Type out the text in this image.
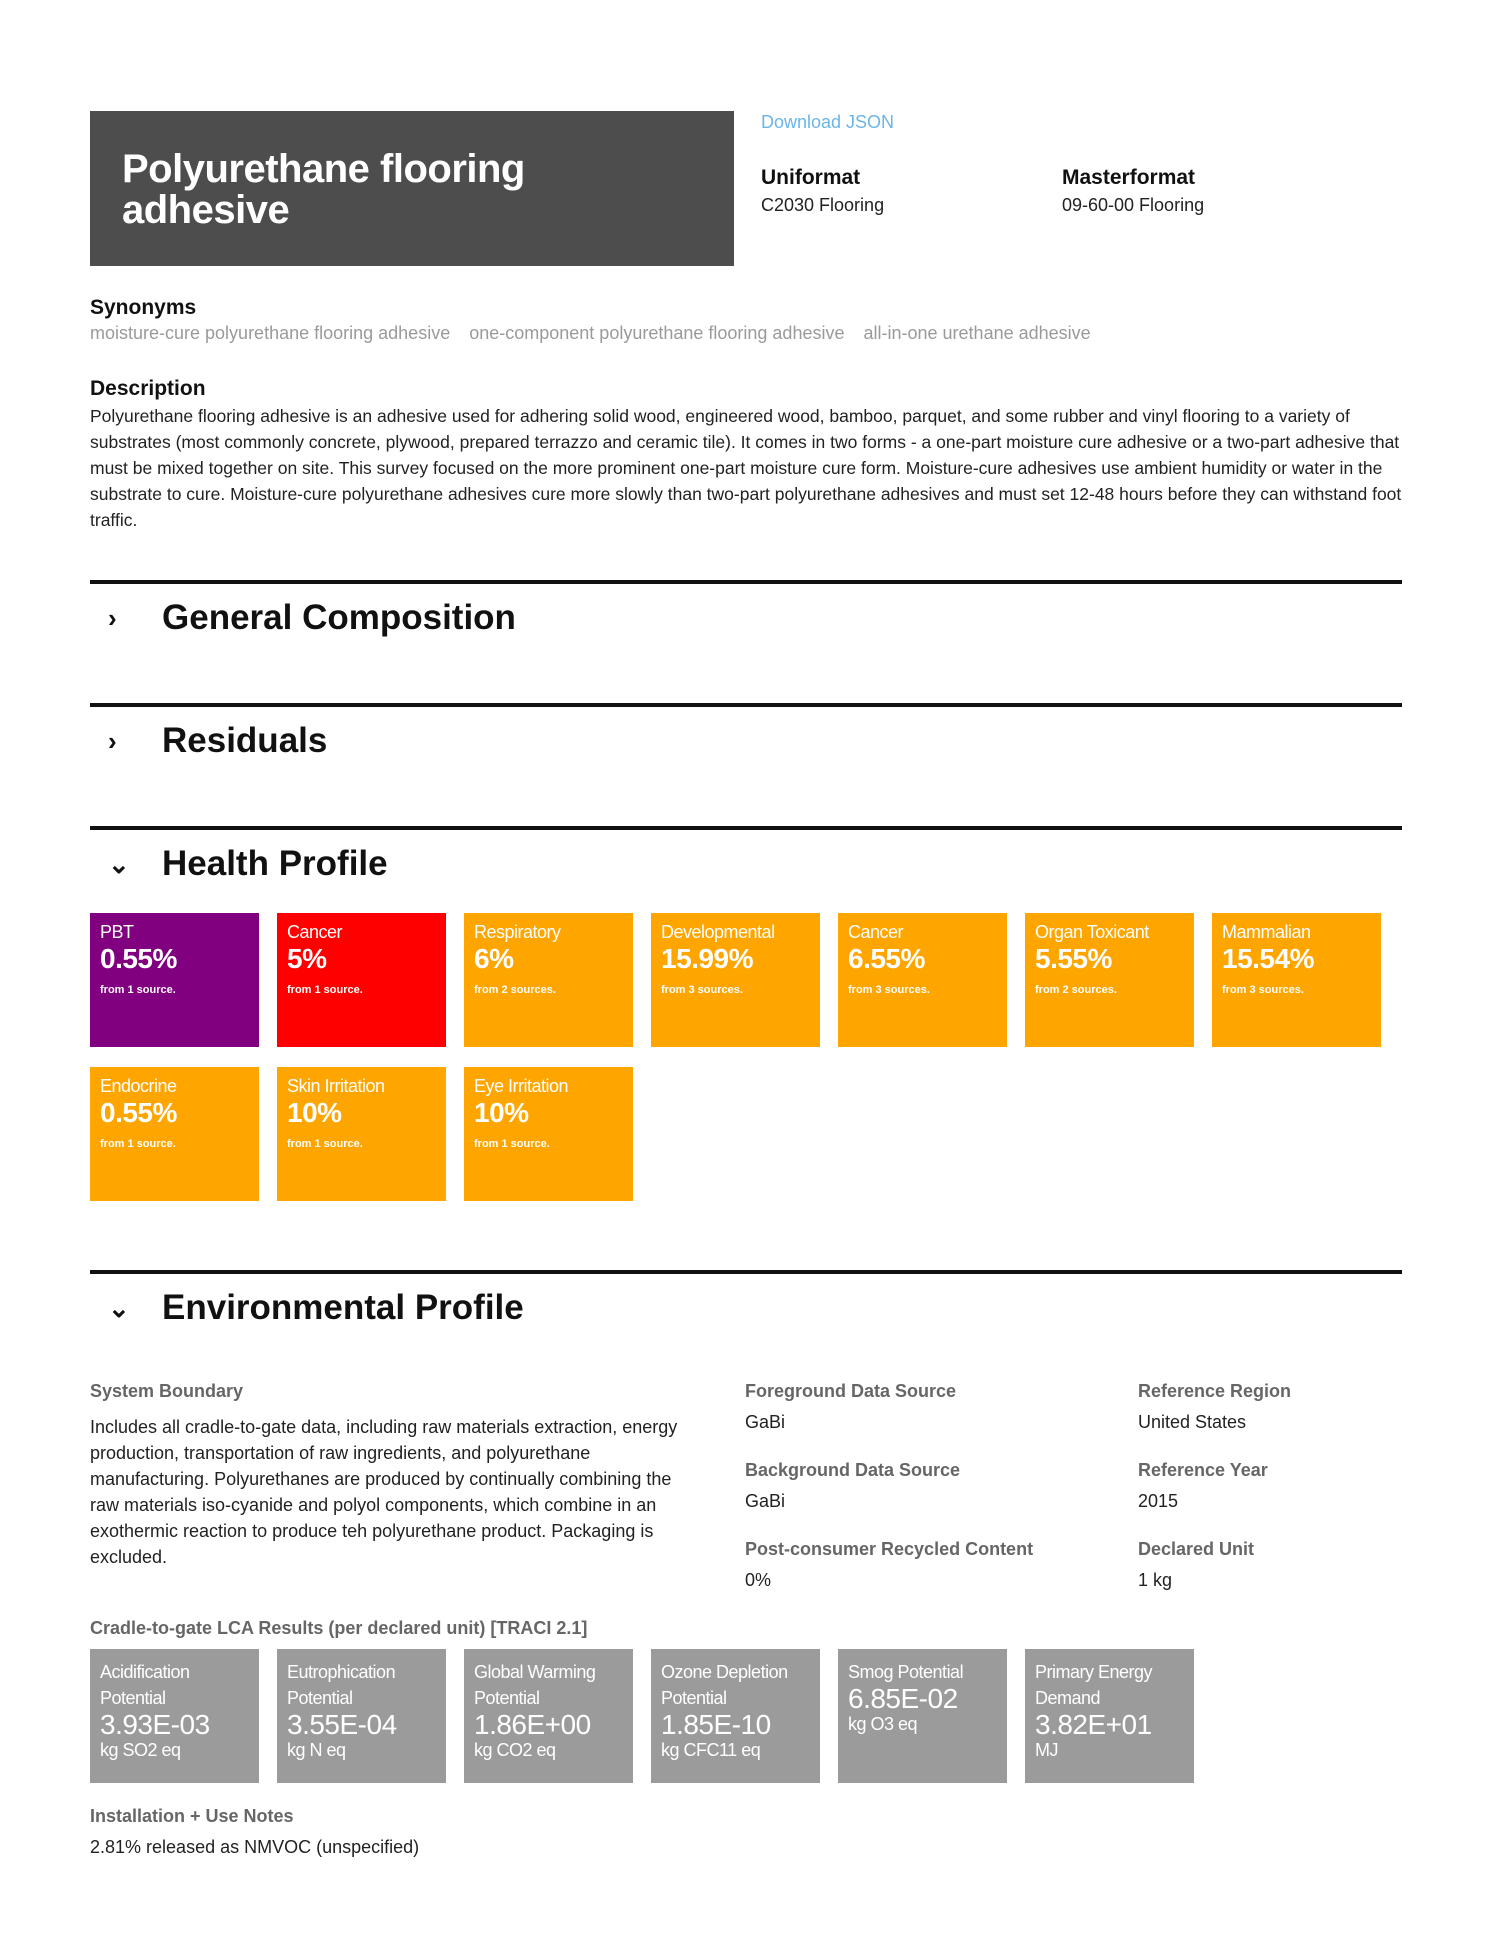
Polyurethane flooring adhesive
Download JSON
Uniformat
C2030 Flooring
Masterformat
09-60-00 Flooring
Synonyms
moisture-cure polyurethane flooring adhesive one-component polyurethane flooring adhesive all-in-one urethane adhesive
Description

Polyurethane flooring adhesive is an adhesive used for adhering solid wood, engineered wood, bamboo, parquet, and some rubber and vinyl flooring to a variety of substrates (most commonly concrete, plywood, prepared terrazzo and ceramic tile). It comes in two forms - a one-part moisture cure adhesive or a two-part adhesive that must be mixed together on site. This survey focused on the more prominent one-part moisture cure form. Moisture-cure adhesives use ambient humidity or water in the substrate to cure. Moisture-cure polyurethane adhesives cure more slowly than two-part polyurethane adhesives and must set 12-48 hours before they can withstand foot traffic.

›	General Composition
›	Residuals
⌄ Health Profile
PBT
0.55%
from 1 source.
Cancer
5%
from 1 source.
Respiratory
6%
from 2 sources.
Developmental
15.99%
from 3 sources.
Cancer
6.55%
from 3 sources.
Organ Toxicant
5.55%
from 2 sources.
Mammalian
15.54%
from 3 sources.
Endocrine
0.55%
from 1 source.
Skin Irritation
10%
from 1 source.
Eye Irritation
10%
from 1 source.
⌄ Environmental Profile
System Boundary

Includes all cradle-to-gate data, including raw materials extraction, energy production, transportation of raw ingredients, and polyurethane manufacturing. Polyurethanes are produced by continually combining the raw materials iso-cyanide and polyol components, which combine in an exothermic reaction to produce teh polyurethane product. Packaging is excluded.

Foreground Data Source
GaBi
Background Data Source
GaBi
Post-consumer Recycled Content
0%
Reference Region
United States
Reference Year
2015
Declared Unit
1 kg
Cradle-to-gate LCA Results (per declared unit) [TRACI 2.1]
Acidification Potential
3.93E-03
kg SO2 eq
Eutrophication Potential
3.55E-04
kg N eq
Global Warming Potential
1.86E+00
kg CO2 eq
Ozone Depletion Potential
1.85E-10
kg CFC11 eq
Smog Potential
6.85E-02
kg O3 eq
Primary Energy Demand
3.82E+01
MJ
Installation + Use Notes
2.81% released as NMVOC (unspecified)
